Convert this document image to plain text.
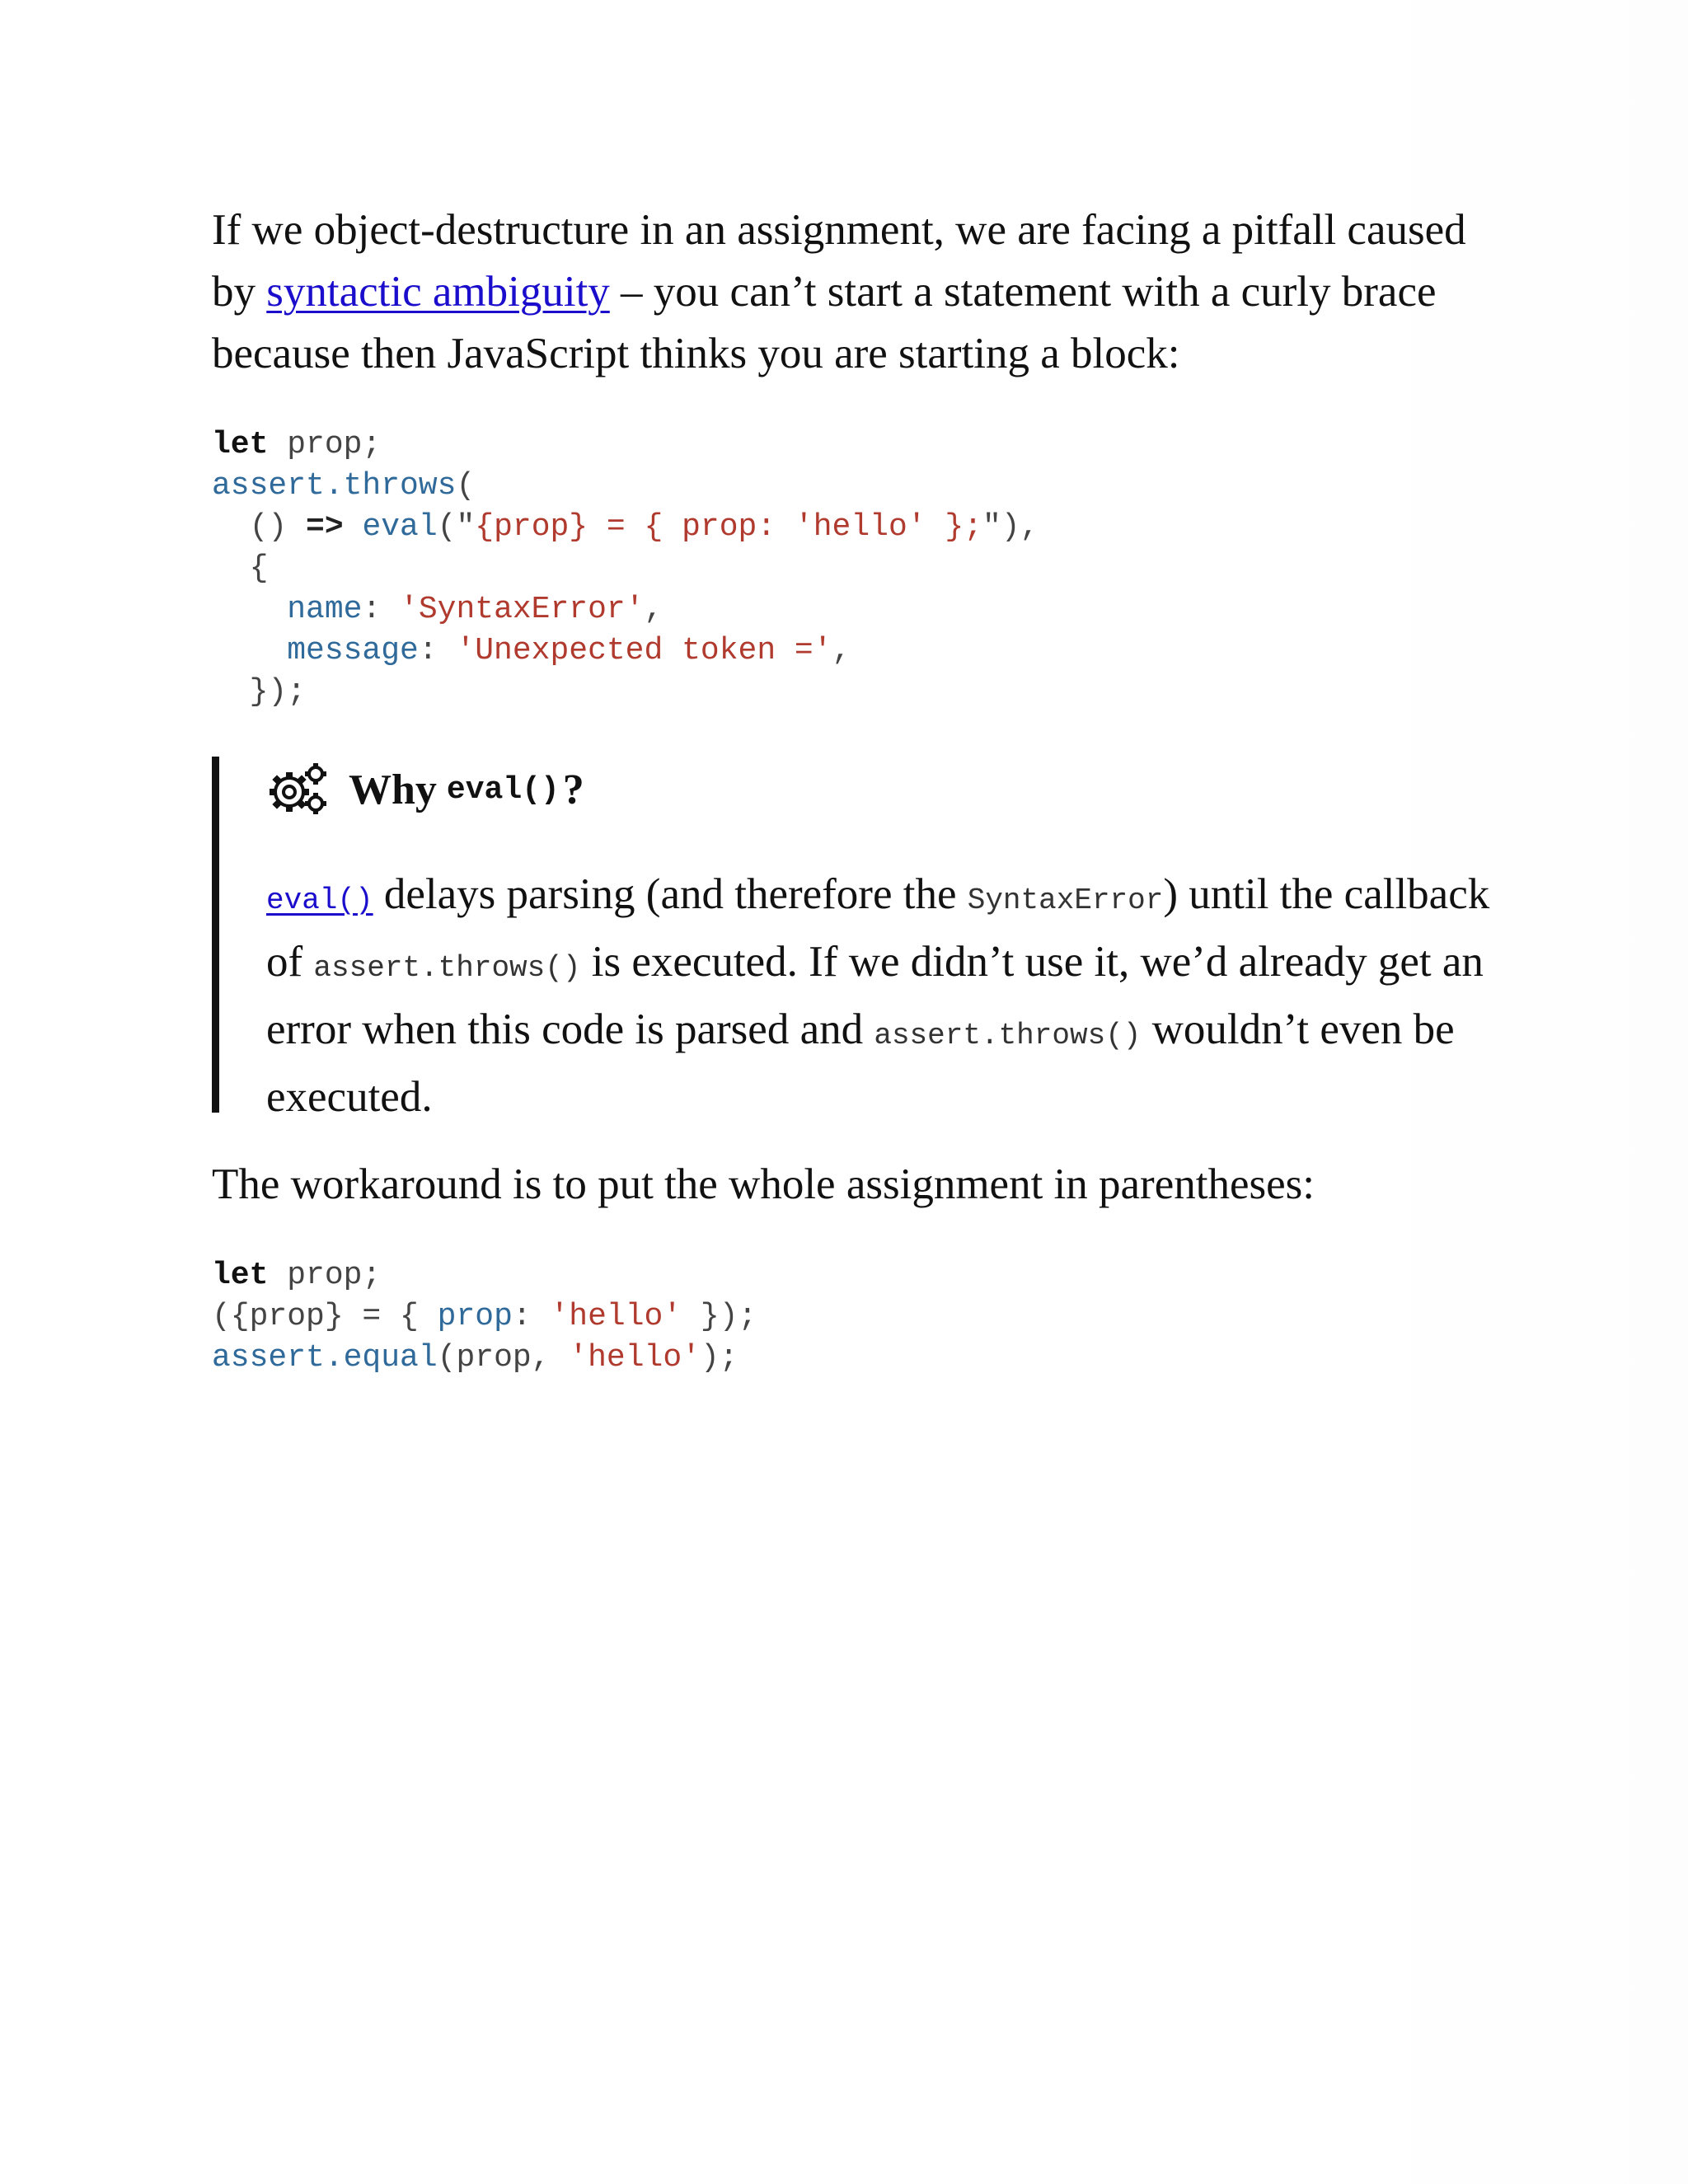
If we object-destructure in an assignment, we are facing a pitfall caused by syntactic ambiguity – you can’t start a statement with a curly brace because then JavaScript thinks you are starting a block:

let prop;
assert.throws(
() => eval("{prop} = { prop: 'hello' };"),
{
name: 'SyntaxError',
message: 'Unexpected token =',
});
Why eval() ?

eval() delays parsing (and therefore the SyntaxError) until the callback of assert.throws() is executed. If we didn’t use it, we’d already get an error when this code is parsed and assert.throws() wouldn’t even be executed.

The workaround is to put the whole assignment in parentheses:

let prop;
({prop} = { prop: 'hello' });
assert.equal(prop, 'hello');
